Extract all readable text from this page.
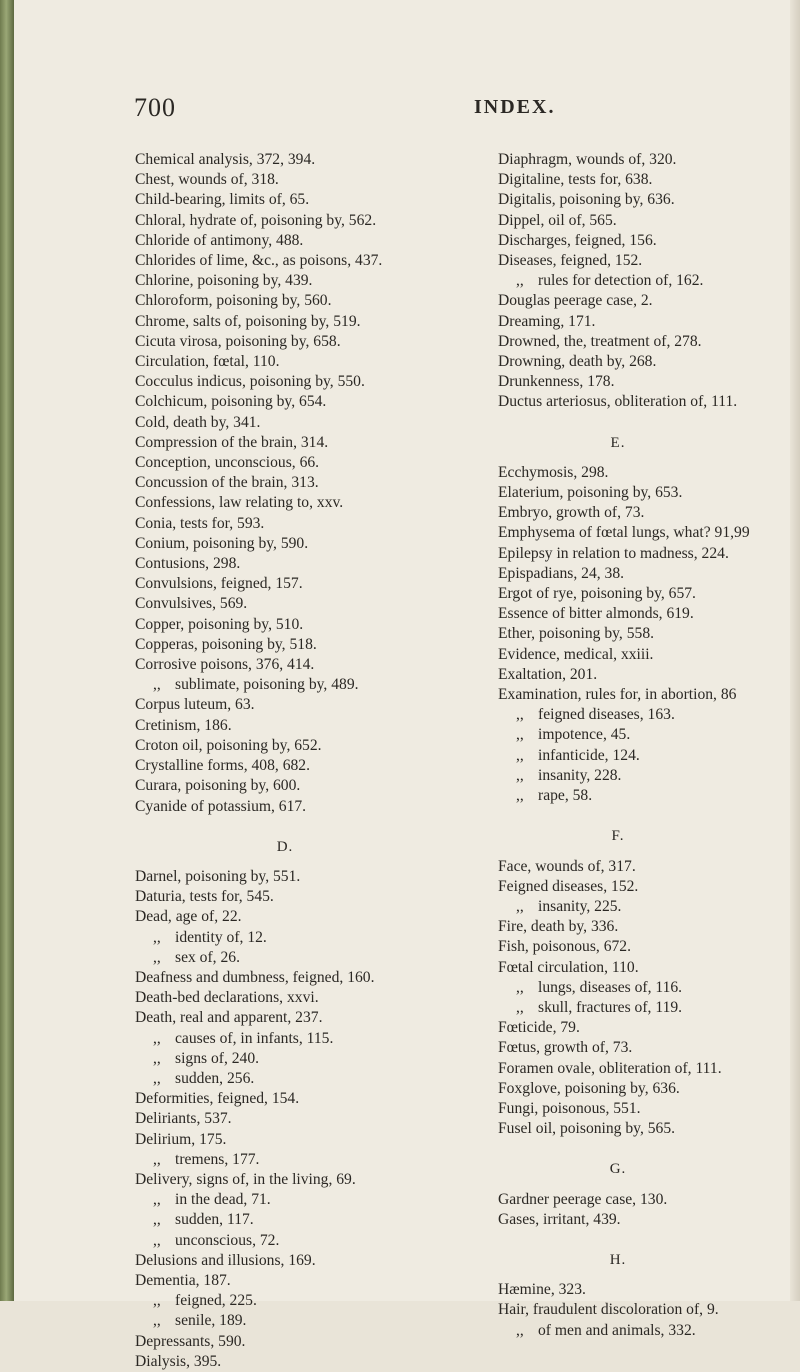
700	INDEX.
Chemical analysis, 372, 394.
Chest, wounds of, 318.
Child-bearing, limits of, 65.
Chloral, hydrate of, poisoning by, 562.
Chloride of antimony, 488.
Chlorides of lime, &c., as poisons, 437.
Chlorine, poisoning by, 439.
Chloroform, poisoning by, 560.
Chrome, salts of, poisoning by, 519.
Cicuta virosa, poisoning by, 658.
Circulation, fœtal, 110.
Cocculus indicus, poisoning by, 550.
Colchicum, poisoning by, 654.
Cold, death by, 341.
Compression of the brain, 314.
Conception, unconscious, 66.
Concussion of the brain, 313.
Confessions, law relating to, xxv.
Conia, tests for, 593.
Conium, poisoning by, 590.
Contusions, 298.
Convulsions, feigned, 157.
Convulsives, 569.
Copper, poisoning by, 510.
Copperas, poisoning by, 518.
Corrosive poisons, 376, 414.
,, sublimate, poisoning by, 489.
Corpus luteum, 63.
Cretinism, 186.
Croton oil, poisoning by, 652.
Crystalline forms, 408, 682.
Curara, poisoning by, 600.
Cyanide of potassium, 617.
D.
Darnel, poisoning by, 551.
Daturia, tests for, 545.
Dead, age of, 22.
,, identity of, 12.
,, sex of, 26.
Deafness and dumbness, feigned, 160.
Death-bed declarations, xxvi.
Death, real and apparent, 237.
,, causes of, in infants, 115.
,, signs of, 240.
,, sudden, 256.
Deformities, feigned, 154.
Deliriants, 537.
Delirium, 175.
,, tremens, 177.
Delivery, signs of, in the living, 69.
,, in the dead, 71.
,, sudden, 117.
,, unconscious, 72.
Delusions and illusions, 169.
Dementia, 187.
,, feigned, 225.
,, senile, 189.
Depressants, 590.
Dialysis, 395.
Diaphragm, wounds of, 320.
Digitaline, tests for, 638.
Digitalis, poisoning by, 636.
Dippel, oil of, 565.
Discharges, feigned, 156.
Diseases, feigned, 152.
,, rules for detection of, 162.
Douglas peerage case, 2.
Dreaming, 171.
Drowned, the, treatment of, 278.
Drowning, death by, 268.
Drunkenness, 178.
Ductus arteriosus, obliteration of, 111.
E.
Ecchymosis, 298.
Elaterium, poisoning by, 653.
Embryo, growth of, 73.
Emphysema of fœtal lungs, what? 91,99
Epilepsy in relation to madness, 224.
Epispadians, 24, 38.
Ergot of rye, poisoning by, 657.
Essence of bitter almonds, 619.
Ether, poisoning by, 558.
Evidence, medical, xxiii.
Exaltation, 201.
Examination, rules for, in abortion, 86
,, feigned diseases, 163.
,, impotence, 45.
,, infanticide, 124.
,, insanity, 228.
,, rape, 58.
F.
Face, wounds of, 317.
Feigned diseases, 152.
,, insanity, 225.
Fire, death by, 336.
Fish, poisonous, 672.
Fœtal circulation, 110.
,, lungs, diseases of, 116.
,, skull, fractures of, 119.
Fœticide, 79.
Fœtus, growth of, 73.
Foramen ovale, obliteration of, 111.
Foxglove, poisoning by, 636.
Fungi, poisonous, 551.
Fusel oil, poisoning by, 565.
G.
Gardner peerage case, 130.
Gases, irritant, 439.
H.
Hæmine, 323.
Hair, fraudulent discoloration of, 9.
,, of men and animals, 332.
